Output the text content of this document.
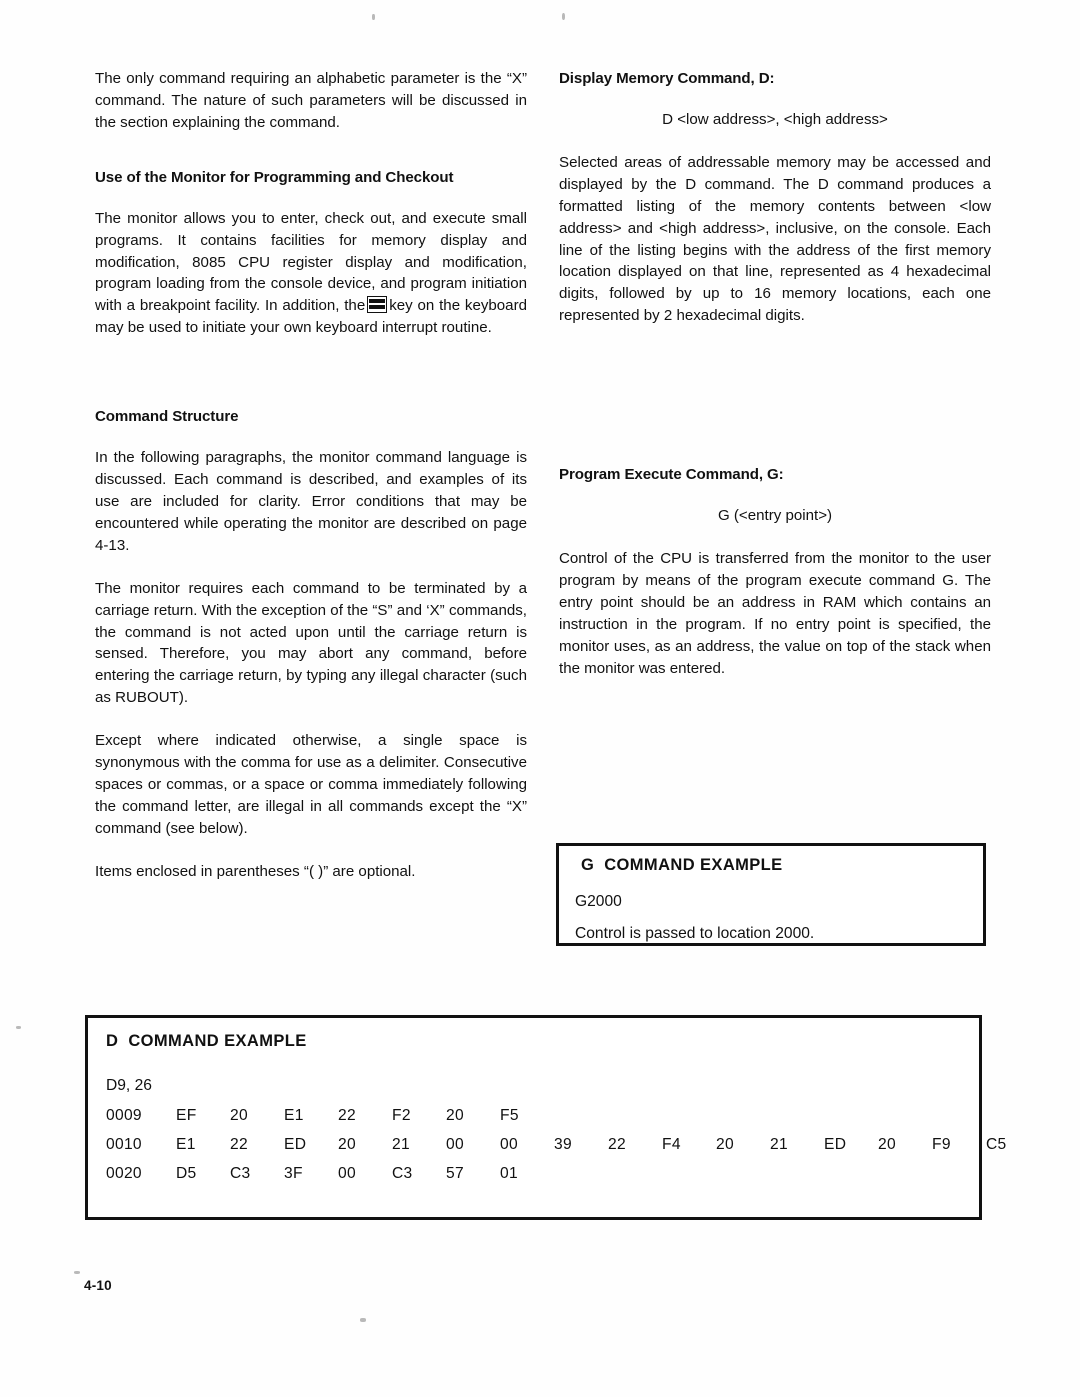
The only command requiring an alphabetic parameter is the “X” command. The nature of such parameters will be discussed in the section explaining the command.

Use of the Monitor for Programming and Checkout

The monitor allows you to enter, check out, and execute small programs. It contains facilities for memory display and modification, 8085 CPU register display and modification, program loading from the console device, and program initiation with a breakpoint facility. In addition, the key on the keyboard may be used to initiate your own keyboard interrupt routine.

Command Structure

In the following paragraphs, the monitor command language is discussed. Each command is described, and examples of its use are included for clarity. Error conditions that may be encountered while operating the monitor are described on page 4-13.

The monitor requires each command to be terminated by a carriage return. With the exception of the “S” and ‘X” commands, the command is not acted upon until the carriage return is sensed. Therefore, you may abort any command, before entering the carriage return, by typing any illegal character (such as RUBOUT).

Except where indicated otherwise, a single space is synonymous with the comma for use as a delimiter. Consecutive spaces or commas, or a space or comma immediately following the command letter, are illegal in all commands except the “X” command (see below).

Items enclosed in parentheses “( )” are optional.

Display Memory Command, D:

D <low address>, <high address>

Selected areas of addressable memory may be accessed and displayed by the D command. The D command produces a formatted listing of the memory contents between <low address> and <high address>, inclusive, on the console. Each line of the listing begins with the address of the first memory location displayed on that line, represented as 4 hexadecimal digits, followed by up to 16 memory locations, each one represented by 2 hexadecimal digits.

Program Execute Command, G:

G (<entry point>)

Control of the CPU is transferred from the monitor to the user program by means of the program execute command G. The entry point should be an address in RAM which contains an instruction in the program. If no entry point is specified, the monitor uses, as an address, the value on top of the stack when the monitor was entered.

G COMMAND EXAMPLE
G2000
Control is passed to location 2000.
D COMMAND EXAMPLE
D9, 26
0009	EF	20	E1	22	F2	20	F5
0010	E1	22	ED	20	21	00	00	39	22	F4	20	21	ED	20	F9	C5
0020	D5	C3	3F	00	C3	57	01
4-10
